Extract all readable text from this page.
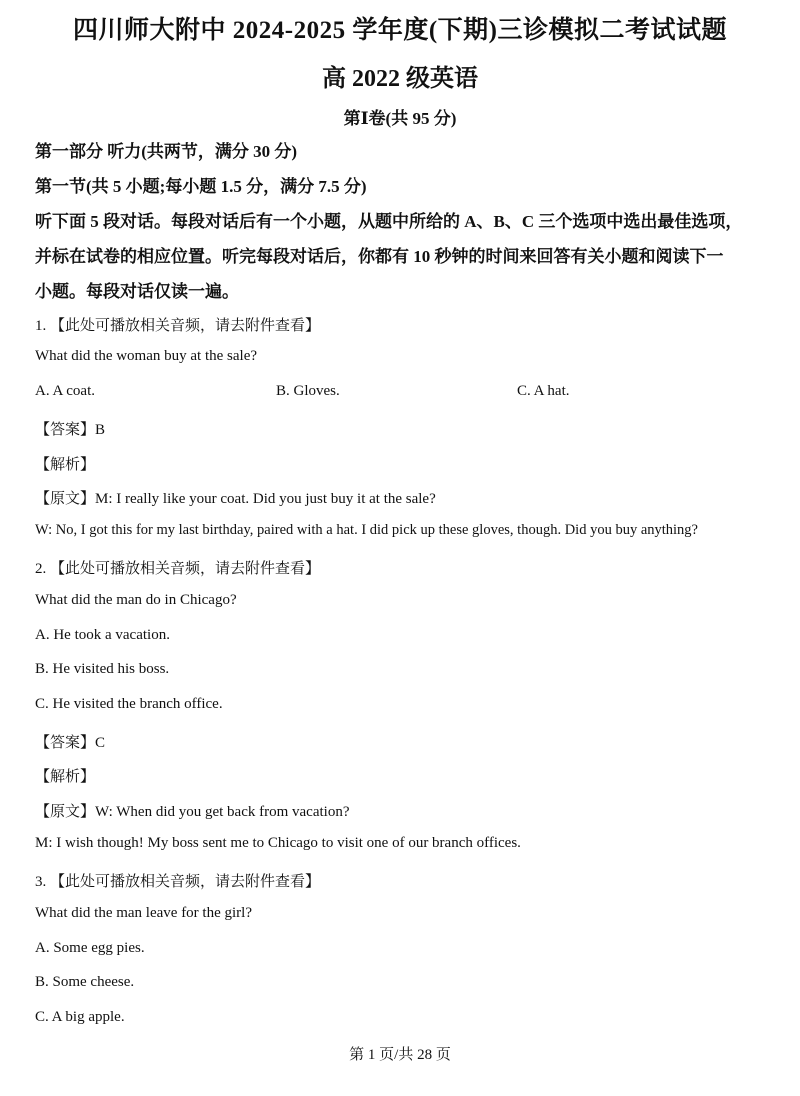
四川师大附中 2024-2025 学年度(下期)三诊模拟二考试试题
高 2022 级英语
第Ⅰ卷(共 95 分)
第一部分 听力(共两节，满分 30 分)
第一节(共 5 小题;每小题 1.5 分，满分 7.5 分)
听下面 5 段对话。每段对话后有一个小题，从题中所给的 A、B、C 三个选项中选出最佳选项，
并标在试卷的相应位置。听完每段对话后，你都有 10 秒钟的时间来回答有关小题和阅读下一
小题。每段对话仅读一遍。
1. 【此处可播放相关音频，请去附件查看】
What did the woman buy at the sale?
A. A coat.	B. Gloves.	C. A hat.
【答案】B
【解析】
【原文】M: I really like your coat. Did you just buy it at the sale?
W: No, I got this for my last birthday, paired with a hat. I did pick up these gloves, though. Did you buy anything?
2. 【此处可播放相关音频，请去附件查看】
What did the man do in Chicago?
A. He took a vacation.
B. He visited his boss.
C. He visited the branch office.
【答案】C
【解析】
【原文】W: When did you get back from vacation?
M: I wish though! My boss sent me to Chicago to visit one of our branch offices.
3. 【此处可播放相关音频，请去附件查看】
What did the man leave for the girl?
A. Some egg pies.
B. Some cheese.
C. A big apple.
第 1 页/共 28 页
